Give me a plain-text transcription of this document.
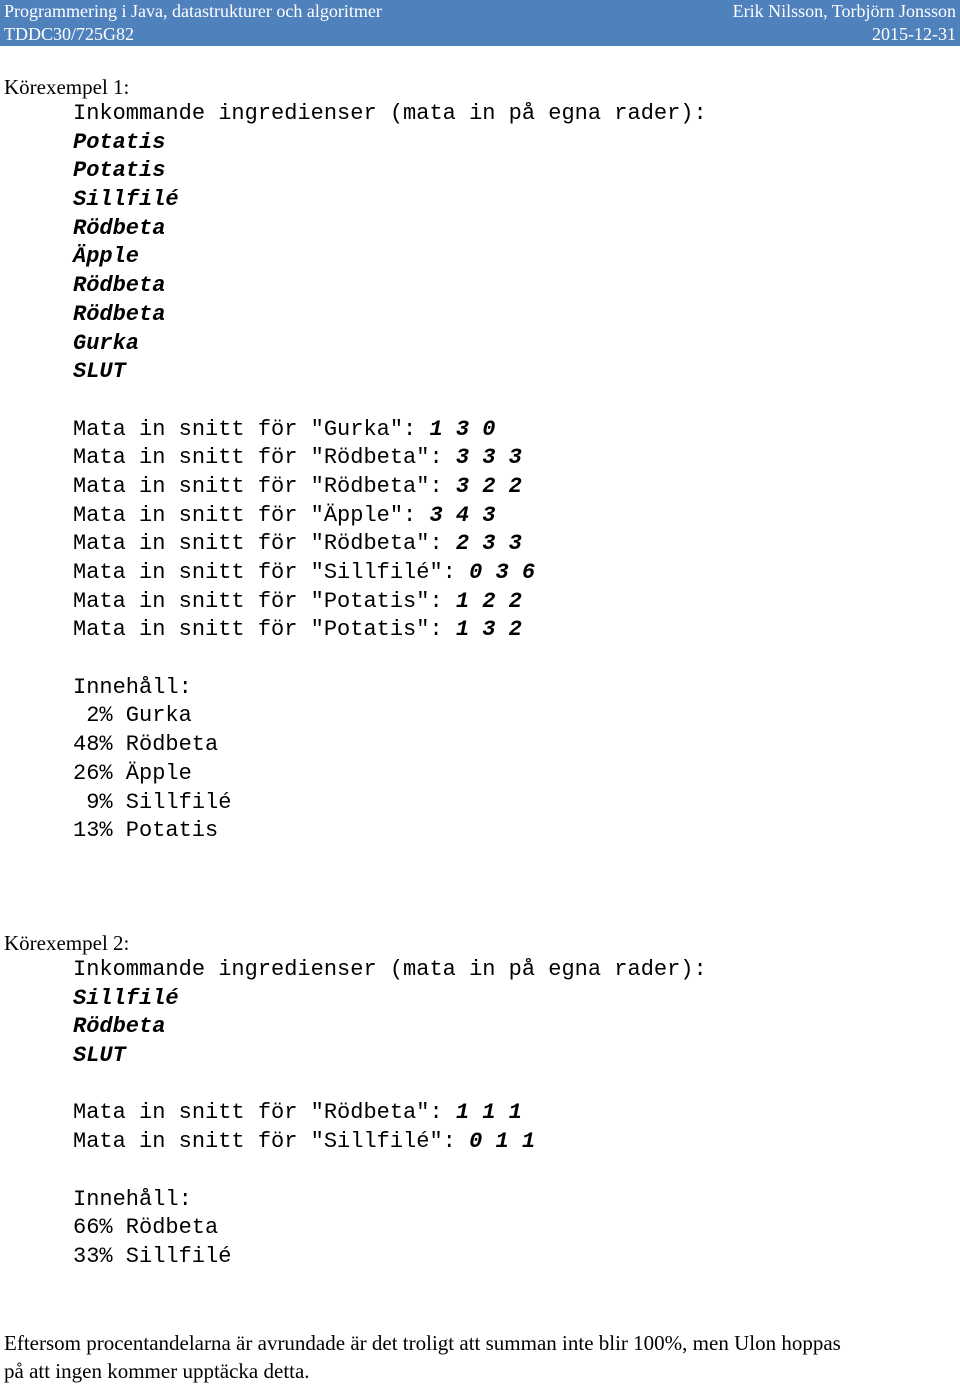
Programmering i Java, datastrukturer och algoritmer	Erik Nilsson, Torbjörn Jonsson
TDDC30/725G82	2015-12-31
Körexempel 1:
Inkommande ingredienser (mata in på egna rader):
Potatis
Potatis
Sillfilé
Rödbeta
Äpple
Rödbeta
Rödbeta
Gurka
SLUT
Mata in snitt för "Gurka": 1 3 0
Mata in snitt för "Rödbeta": 3 3 3
Mata in snitt för "Rödbeta": 3 2 2
Mata in snitt för "Äpple": 3 4 3
Mata in snitt för "Rödbeta": 2 3 3
Mata in snitt för "Sillfilé": 0 3 6
Mata in snitt för "Potatis": 1 2 2
Mata in snitt för "Potatis": 1 3 2
Innehåll:
2% Gurka
48% Rödbeta
26% Äpple
9% Sillfilé
13% Potatis
Körexempel 2:
Inkommande ingredienser (mata in på egna rader):
Sillfilé
Rödbeta
SLUT
Mata in snitt för "Rödbeta": 1 1 1
Mata in snitt för "Sillfilé": 0 1 1
Innehåll:
66% Rödbeta
33% Sillfilé
Eftersom procentandelarna är avrundade är det troligt att summan inte blir 100%, men Ulon hoppas
på att ingen kommer upptäcka detta.
